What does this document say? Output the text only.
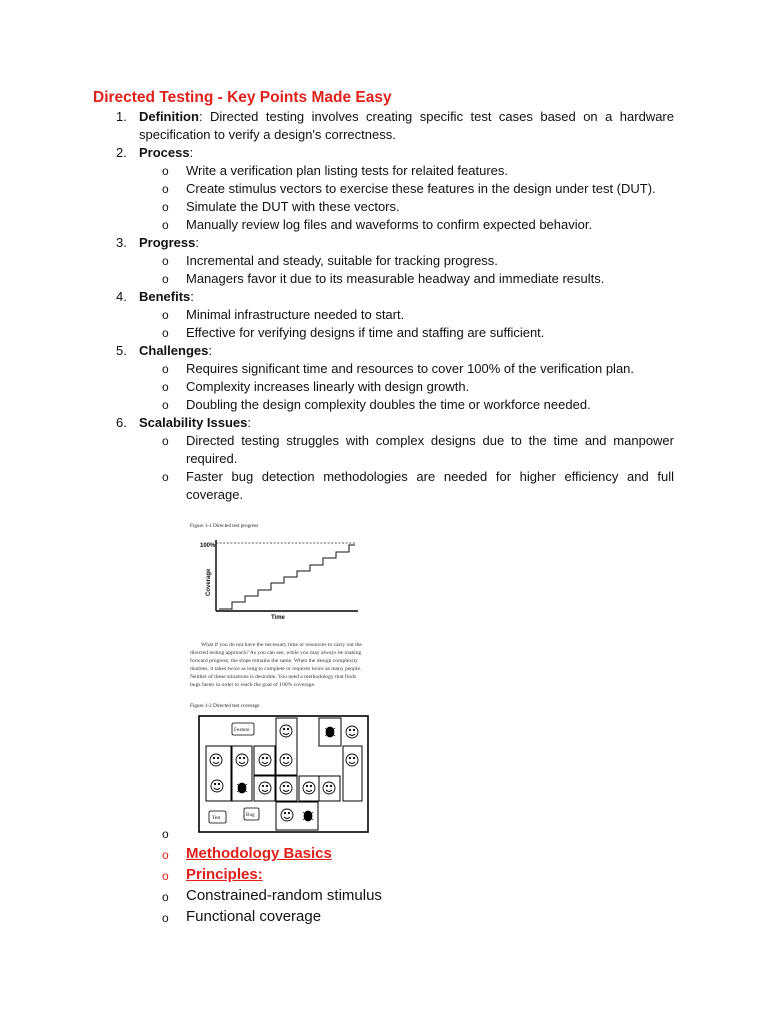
Directed Testing - Key Points Made Easy
1. Definition: Directed testing involves creating specific test cases based on a hardware specification to verify a design's correctness.
2. Process:
o Write a verification plan listing tests for relaited features.
o Create stimulus vectors to exercise these features in the design under test (DUT).
o Simulate the DUT with these vectors.
o Manually review log files and waveforms to confirm expected behavior.
3. Progress:
o Incremental and steady, suitable for tracking progress.
o Managers favor it due to its measurable headway and immediate results.
4. Benefits:
o Minimal infrastructure needed to start.
o Effective for verifying designs if time and staffing are sufficient.
5. Challenges:
o Requires significant time and resources to cover 100% of the verification plan.
o Complexity increases linearly with design growth.
o Doubling the design complexity doubles the time or workforce needed.
6. Scalability Issues:
o Directed testing struggles with complex designs due to the time and manpower required.
o Faster bug detection methodologies are needed for higher efficiency and full coverage.
Figure 1-1 Directed test progress
100%
Coverage
Time
What if you do not have the necessary time or resources to carry out the
directed testing approach? As you can see, while you may always be making
forward progress, the slope remains the same. When the design complexity
doubles, it takes twice as long to complete or requires twice as many people.
Neither of these situations is desirable. You need a methodology that finds
bugs faster in order to reach the goal of 100% coverage.
Figure 1-2 Directed test coverage
Feature
Test	Bug
o
o Methodology Basics
o Principles:
o Constrained-random stimulus
o Functional coverage
